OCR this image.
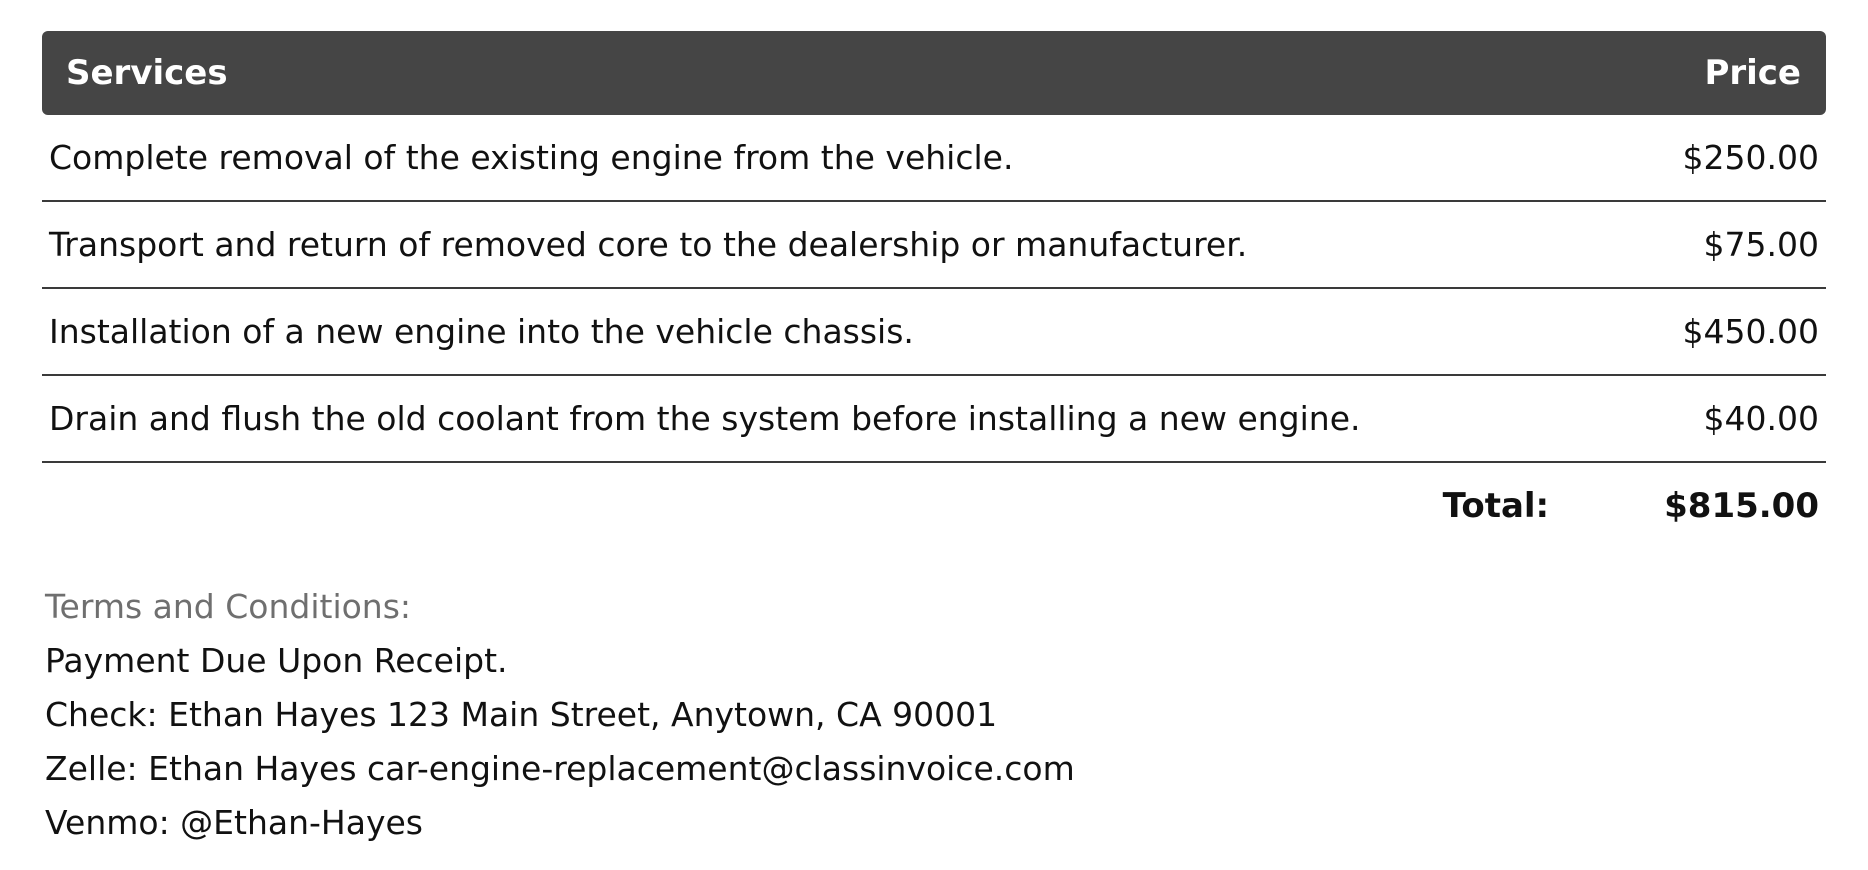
Services	Price
Complete removal of the existing engine from the vehicle.	$250.00
Transport and return of removed core to the dealership or manufacturer.	$75.00
Installation of a new engine into the vehicle chassis.	$450.00
Drain and flush the old coolant from the system before installing a new engine.	$40.00
Total:	$815.00
Terms and Conditions:
Payment Due Upon Receipt.
Check: Ethan Hayes 123 Main Street, Anytown, CA 90001
Zelle: Ethan Hayes car-engine-replacement@classinvoice.com
Venmo: @Ethan-Hayes
